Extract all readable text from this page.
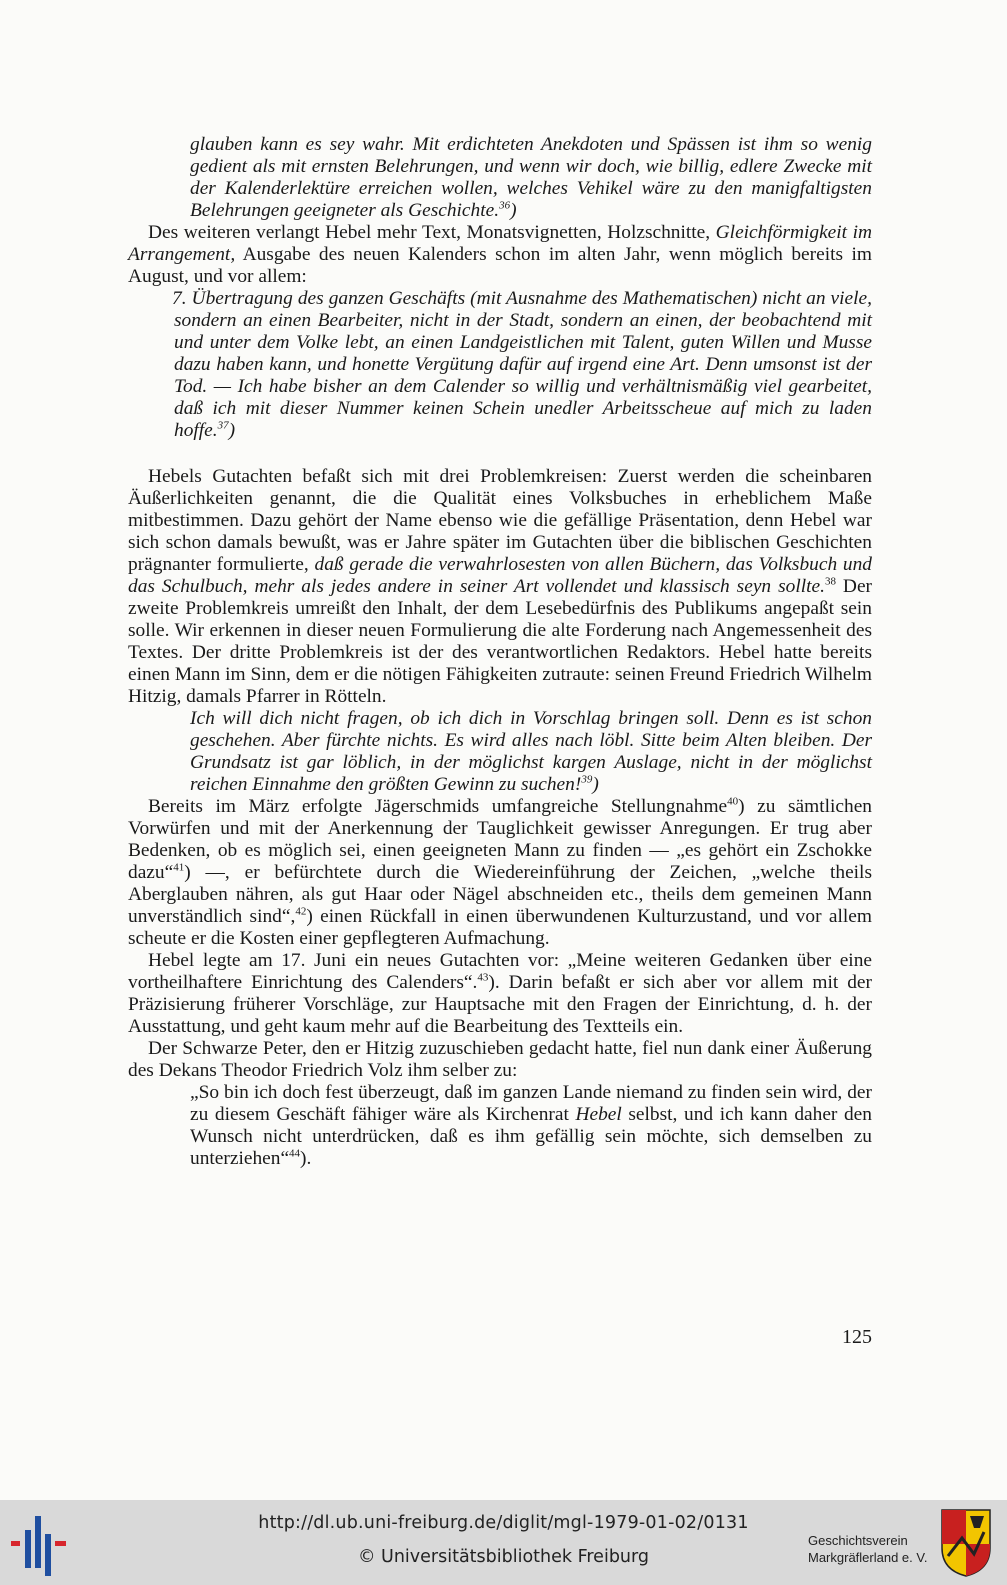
glauben kann es sey wahr. Mit erdichteten Anekdoten und Spässen ist ihm so wenig gedient als mit ernsten Belehrungen, und wenn wir doch, wie billig, edlere Zwecke mit der Kalenderlektüre erreichen wollen, welches Vehikel wäre zu den manigfaltigsten Belehrungen geeigneter als Geschichte.$^{36}$)

Des weiteren verlangt Hebel mehr Text, Monatsvignetten, Holzschnitte, Gleichförmigkeit im Arrangement, Ausgabe des neuen Kalenders schon im alten Jahr, wenn möglich bereits im August, und vor allem:

7. Übertragung des ganzen Geschäfts (mit Ausnahme des Mathematischen) nicht an viele, sondern an einen Bearbeiter, nicht in der Stadt, sondern an einen, der beobachtend mit und unter dem Volke lebt, an einen Landgeistlichen mit Talent, guten Willen und Musse dazu haben kann, und honette Vergütung dafür auf irgend eine Art. Denn umsonst ist der Tod. — Ich habe bisher an dem Calender so willig und verhältnismäßig viel gearbeitet, daß ich mit dieser Nummer keinen Schein unedler Arbeitsscheue auf mich zu laden hoffe.$^{37}$)

Hebels Gutachten befaßt sich mit drei Problemkreisen: Zuerst werden die scheinbaren Äußerlichkeiten genannt, die die Qualität eines Volksbuches in erheblichem Maße mitbestimmen. Dazu gehört der Name ebenso wie die gefällige Präsentation, denn Hebel war sich schon damals bewußt, was er Jahre später im Gutachten über die biblischen Geschichten prägnanter formulierte, daß gerade die verwahrlosesten von allen Büchern, das Volksbuch und das Schulbuch, mehr als jedes andere in seiner Art vollendet und klassisch seyn sollte.$^{38}$ Der zweite Problemkreis umreißt den Inhalt, der dem Lesebedürfnis des Publikums angepaßt sein solle. Wir erkennen in dieser neuen Formulierung die alte Forderung nach Angemessenheit des Textes. Der dritte Problemkreis ist der des verantwortlichen Redaktors. Hebel hatte bereits einen Mann im Sinn, dem er die nötigen Fähigkeiten zutraute: seinen Freund Friedrich Wilhelm Hitzig, damals Pfarrer in Rötteln.

Ich will dich nicht fragen, ob ich dich in Vorschlag bringen soll. Denn es ist schon geschehen. Aber fürchte nichts. Es wird alles nach löbl. Sitte beim Alten bleiben. Der Grundsatz ist gar löblich, in der möglichst kargen Auslage, nicht in der möglichst reichen Einnahme den größten Gewinn zu suchen!$^{39}$)

Bereits im März erfolgte Jägerschmids umfangreiche Stellungnahme$^{40}$) zu sämtlichen Vorwürfen und mit der Anerkennung der Tauglichkeit gewisser Anregungen. Er trug aber Bedenken, ob es möglich sei, einen geeigneten Mann zu finden — „es gehört ein Zschokke dazu“$^{41}$) —, er befürchtete durch die Wiedereinführung der Zeichen, „welche theils Aberglauben nähren, als gut Haar oder Nägel abschneiden etc., theils dem gemeinen Mann unverständlich sind“,$^{42}$) einen Rückfall in einen überwundenen Kulturzustand, und vor allem scheute er die Kosten einer gepflegteren Aufmachung.

Hebel legte am 17. Juni ein neues Gutachten vor: „Meine weiteren Gedanken über eine vortheilhaftere Einrichtung des Calenders“.$^{43}$). Darin befaßt er sich aber vor allem mit der Präzisierung früherer Vorschläge, zur Hauptsache mit den Fragen der Einrichtung, d. h. der Ausstattung, und geht kaum mehr auf die Bearbeitung des Textteils ein.

Der Schwarze Peter, den er Hitzig zuzuschieben gedacht hatte, fiel nun dank einer Äußerung des Dekans Theodor Friedrich Volz ihm selber zu:

„So bin ich doch fest überzeugt, daß im ganzen Lande niemand zu finden sein wird, der zu diesem Geschäft fähiger wäre als Kirchenrat Hebel selbst, und ich kann daher den Wunsch nicht unterdrücken, daß es ihm gefällig sein möchte, sich demselben zu unterziehen“$^{44}$).

125
http://dl.ub.uni-freiburg.de/diglit/mgl-1979-01-02/0131
© Universitätsbibliothek Freiburg
Geschichtsverein
Markgräflerland e. V.
